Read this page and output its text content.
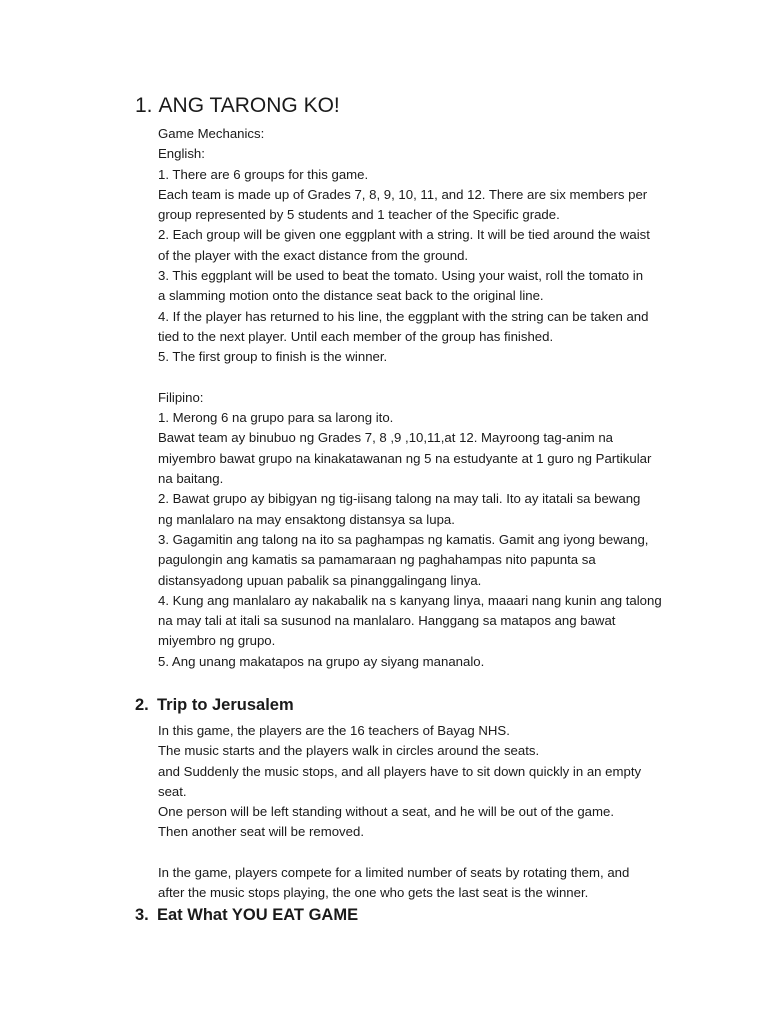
1. ANG TARONG KO!
Game Mechanics:
English:
1. There are 6 groups for this game.
Each team is made up of Grades 7, 8, 9, 10, 11, and 12. There are six members per
group represented by 5 students and 1 teacher of the Specific grade.
2. Each group will be given one eggplant with a string. It will be tied around the waist
of the player with the exact distance from the ground.
3. This eggplant will be used to beat the tomato. Using your waist, roll the tomato in
a slamming motion onto the distance seat back to the original line.
4. If the player has returned to his line, the eggplant with the string can be taken and
tied to the next player. Until each member of the group has finished.
5. The first group to finish is the winner.
Filipino:
1. Merong 6 na grupo para sa larong ito.
Bawat team ay binubuo ng Grades 7, 8 ,9 ,10,11,at 12. Mayroong tag-anim na
miyembro bawat grupo na kinakatawanan ng 5 na estudyante at 1 guro ng Partikular
na baitang.
2. Bawat grupo ay bibigyan ng tig-iisang talong na may tali. Ito ay itatali sa bewang
ng manlalaro na may ensaktong distansya sa lupa.
3. Gagamitin ang talong na ito sa paghampas ng kamatis. Gamit ang iyong bewang,
pagulongin ang kamatis sa pamamaraan ng paghahampas nito papunta sa
distansyadong upuan pabalik sa pinanggalingang linya.
4. Kung ang manlalaro ay nakabalik na s kanyang linya, maaari nang kunin ang talong
na may tali at itali sa susunod na manlalaro. Hanggang sa matapos ang bawat
miyembro ng grupo.
5. Ang unang makatapos na grupo ay siyang mananalo.
2. Trip to Jerusalem
In this game, the players are the 16 teachers of Bayag NHS.
The music starts and the players walk in circles around the seats.
and Suddenly the music stops, and all players have to sit down quickly in an empty
seat.
One person will be left standing without a seat, and he will be out of the game.
Then another seat will be removed.
In the game, players compete for a limited number of seats by rotating them, and
after the music stops playing, the one who gets the last seat is the winner.
3. Eat What YOU EAT GAME
